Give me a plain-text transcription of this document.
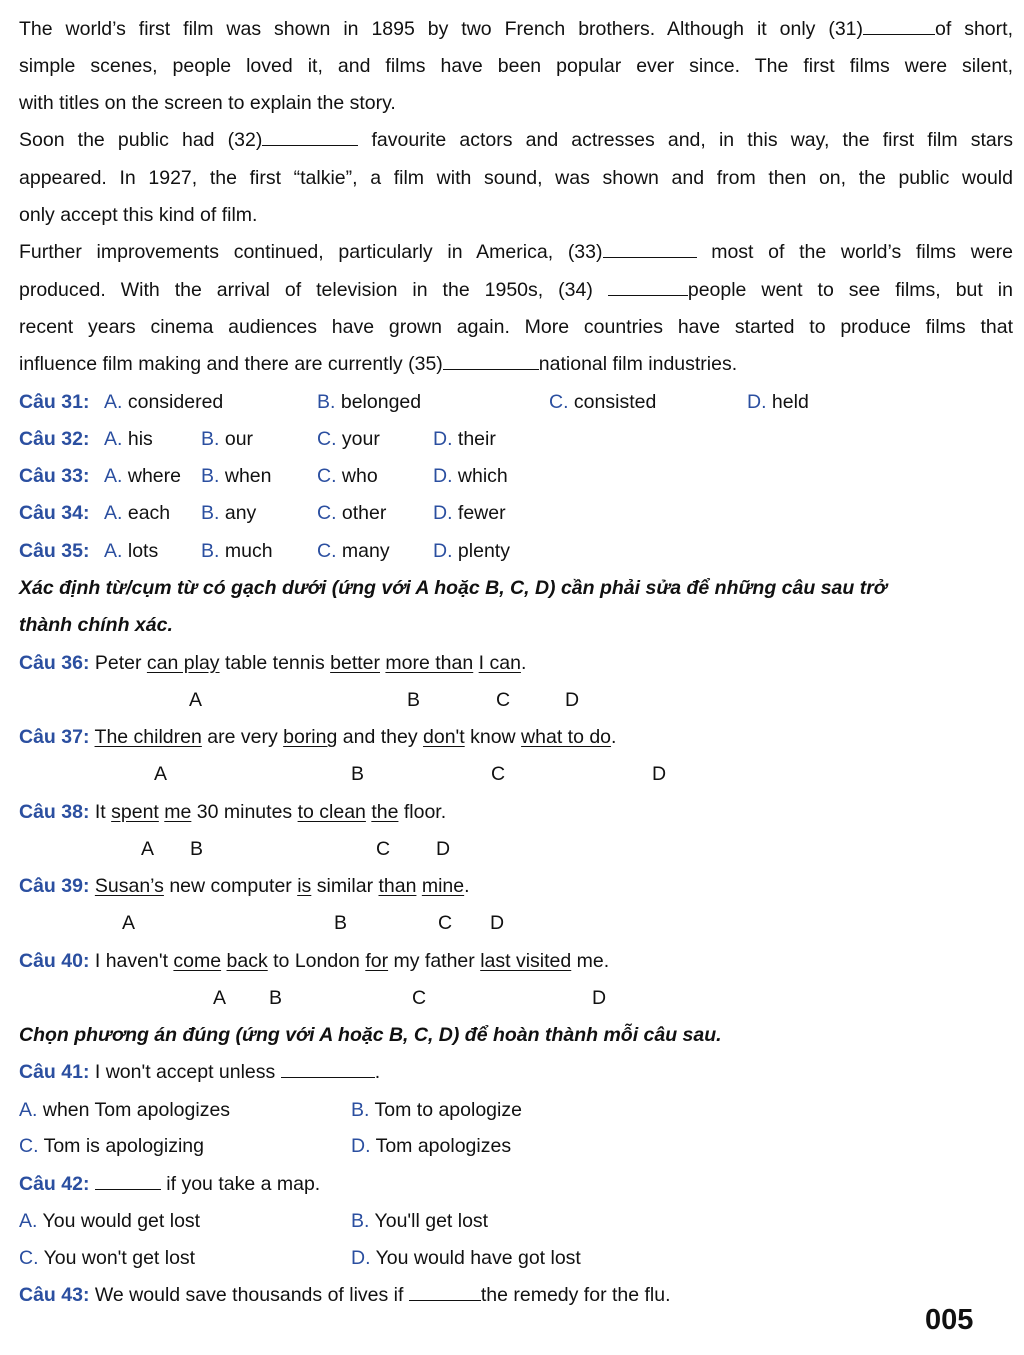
The world’s first film was shown in 1895 by two French brothers. Although it only (31)	of short,
simple scenes, people loved it, and films have been popular ever since. The first films were silent,
with titles on the screen to explain the story.
Soon the public had (32)	favourite actors and actresses and, in this way, the first film stars
appeared. In 1927, the first “talkie”, a film with sound, was shown and from then on, the public would
only accept this kind of film.
Further improvements continued, particularly in America, (33)	most of the world’s films were
produced. With the arrival of television in the 1950s, (34)	people went to see films, but in
recent years cinema audiences have grown again. More countries have started to produce films that
influence film making and there are currently (35)	national film industries.
Câu 31: A. considered	B. belonged	C. consisted	D. held
Câu 32: A. his B. our	C. your	D. their
Câu 33: A. where B. when C. who	D. which
Câu 34: A. each B. any	C. other D. fewer
Câu 35: A. lots B. much C. many D. plenty
Xác định từ/cụm từ có gạch dưới (ứng với A hoặc B, C, D) cần phải sửa để những câu sau trở
thành chính xác.
Câu 36: Peter can play table tennis better more than I can.
A	B	C	D
Câu 37: The children are very boring and they don't know what to do.
A	B	C	D
Câu 38: It spent me 30 minutes to clean the floor.
A B	C D
Câu 39: Susan’s new computer is similar than mine.
A	B	C D
Câu 40: I haven't come back to London for my father last visited me.
A B	C	D
Chọn phương án đúng (ứng với A hoặc B, C, D) để hoàn thành mỗi câu sau.
Câu 41: I won't accept unless	.
A. when Tom apologizes	B. Tom to apologize
C. Tom is apologizing	D. Tom apologizes
Câu 42:	if you take a map.
A. You would get lost	B. You'll get lost
C. You won't get lost	D. You would have got lost
Câu 43: We would save thousands of lives if	the remedy for the flu.
005
